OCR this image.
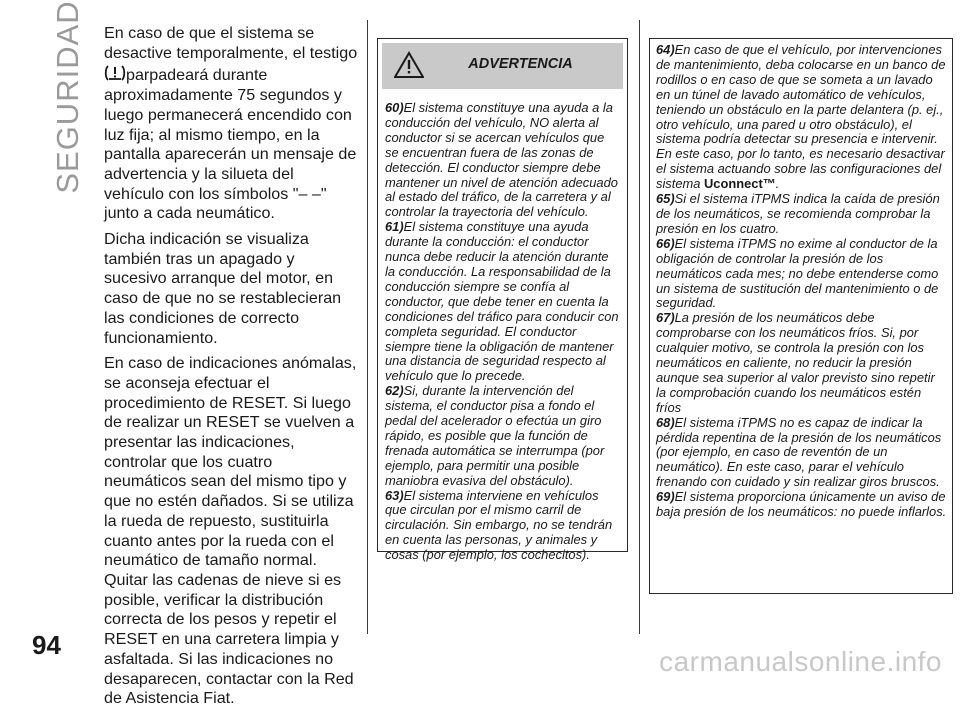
SEGURIDAD En caso de que el sistema se desactive temporalmente, el testigo

parpadeará durante aproximadamente 75 segundos y luego permanecerá encendido con luz fija; al mismo tiempo, en la pantalla aparecerán un mensaje de advertencia y la silueta del vehículo con los símbolos "– –" junto a cada neumático.

Dicha indicación se visualiza también tras un apagado y sucesivo arranque del motor, en caso de que no se restablecieran las condiciones de correcto funcionamiento.

En caso de indicaciones anómalas, se aconseja efectuar el procedimiento de RESET. Si luego de realizar un RESET se vuelven a presentar las indicaciones, controlar que los cuatro neumáticos sean del mismo tipo y que no estén dañados. Si se utiliza la rueda de repuesto, sustituirla cuanto antes por la rueda con el neumático de tamaño normal. Quitar las cadenas de nieve si es posible, verificar la distribución correcta de los pesos y repetir el RESET en una carretera limpia y asfaltada. Si las indicaciones no desaparecen, contactar con la Red de Asistencia Fiat.

ADVERTENCIA

60)El sistema constituye una ayuda a la conducción del vehículo, NO alerta al conductor si se acercan vehículos que se encuentran fuera de las zonas de detección. El conductor siempre debe mantener un nivel de atención adecuado al estado del tráfico, de la carretera y al controlar la trayectoria del vehículo.

61)El sistema constituye una ayuda durante la conducción: el conductor nunca debe reducir la atención durante la conducción. La responsabilidad de la conducción siempre se confía al conductor, que debe tener en cuenta la condiciones del tráfico para conducir con completa seguridad. El conductor siempre tiene la obligación de mantener una distancia de seguridad respecto al vehículo que lo precede.

62)Si, durante la intervención del sistema, el conductor pisa a fondo el pedal del acelerador o efectúa un giro rápido, es posible que la función de frenada automática se interrumpa (por ejemplo, para permitir una posible maniobra evasiva del obstáculo).

63)El sistema interviene en vehículos que circulan por el mismo carril de circulación. Sin embargo, no se tendrán en cuenta las personas, y animales y cosas (por ejemplo, los cochecitos).

64)En caso de que el vehículo, por intervenciones de mantenimiento, deba colocarse en un banco de rodillos o en caso de que se someta a un lavado en un túnel de lavado automático de vehículos, teniendo un obstáculo en la parte delantera (p. ej., otro vehículo, una pared u otro obstáculo), el sistema podría detectar su presencia e intervenir. En este caso, por lo tanto, es necesario desactivar el sistema actuando sobre las configuraciones del sistema Uconnect™.

65)Si el sistema iTPMS indica la caída de presión de los neumáticos, se recomienda comprobar la presión en los cuatro.

66)El sistema iTPMS no exime al conductor de la obligación de controlar la presión de los neumáticos cada mes; no debe entenderse como un sistema de sustitución del mantenimiento o de seguridad.

67)La presión de los neumáticos debe comprobarse con los neumáticos fríos. Si, por cualquier motivo, se controla la presión con los neumáticos en caliente, no reducir la presión aunque sea superior al valor previsto sino repetir la comprobación cuando los neumáticos estén fríos

68)El sistema iTPMS no es capaz de indicar la pérdida repentina de la presión de los neumáticos (por ejemplo, en caso de reventón de un neumático). En este caso, parar el vehículo frenando con cuidado y sin realizar giros bruscos.

69)El sistema proporciona únicamente un aviso de baja presión de los neumáticos: no puede inflarlos.

94
carmanualsonline.info
